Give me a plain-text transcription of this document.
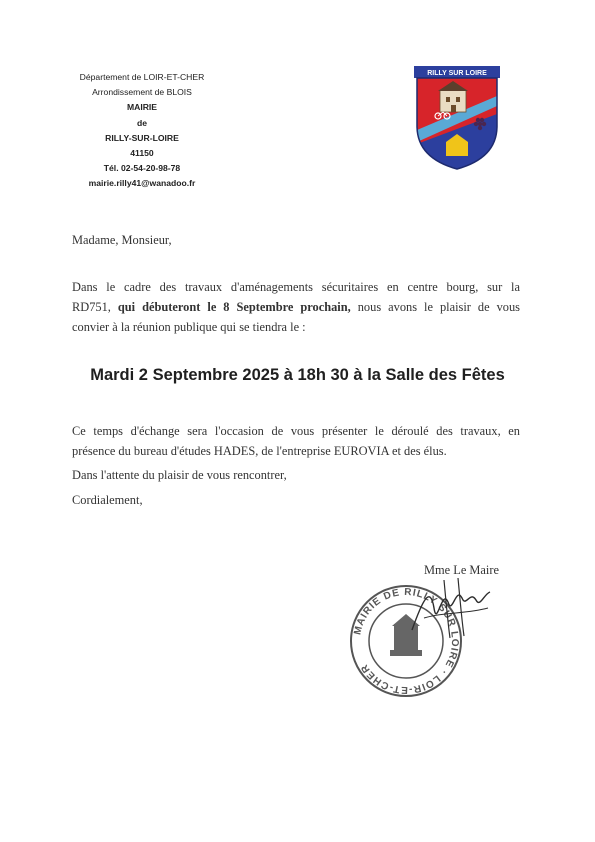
Département de LOIR-ET-CHER
Arrondissement de BLOIS
MAIRIE
de
RILLY-SUR-LOIRE
41150
Tél. 02-54-20-98-78
mairie.rilly41@wanadoo.fr
RILLY SUR LOIRE
Madame, Monsieur,
Dans le cadre des travaux d'aménagements sécuritaires en centre bourg, sur la
RD751, qui débuteront le 8 Septembre prochain, nous avons le plaisir de vous
convier à la réunion publique qui se tiendra le :
Mardi 2 Septembre 2025 à 18h 30 à la Salle des Fêtes
Ce temps d'échange sera l'occasion de vous présenter le déroulé des travaux, en
présence du bureau d'études HADES, de l'entreprise EUROVIA et des élus.
Dans l'attente du plaisir de vous rencontrer,
Cordialement,
Mme Le Maire
MAIRIE DE RILLY SUR LOIRE · LOIR-ET-CHER
